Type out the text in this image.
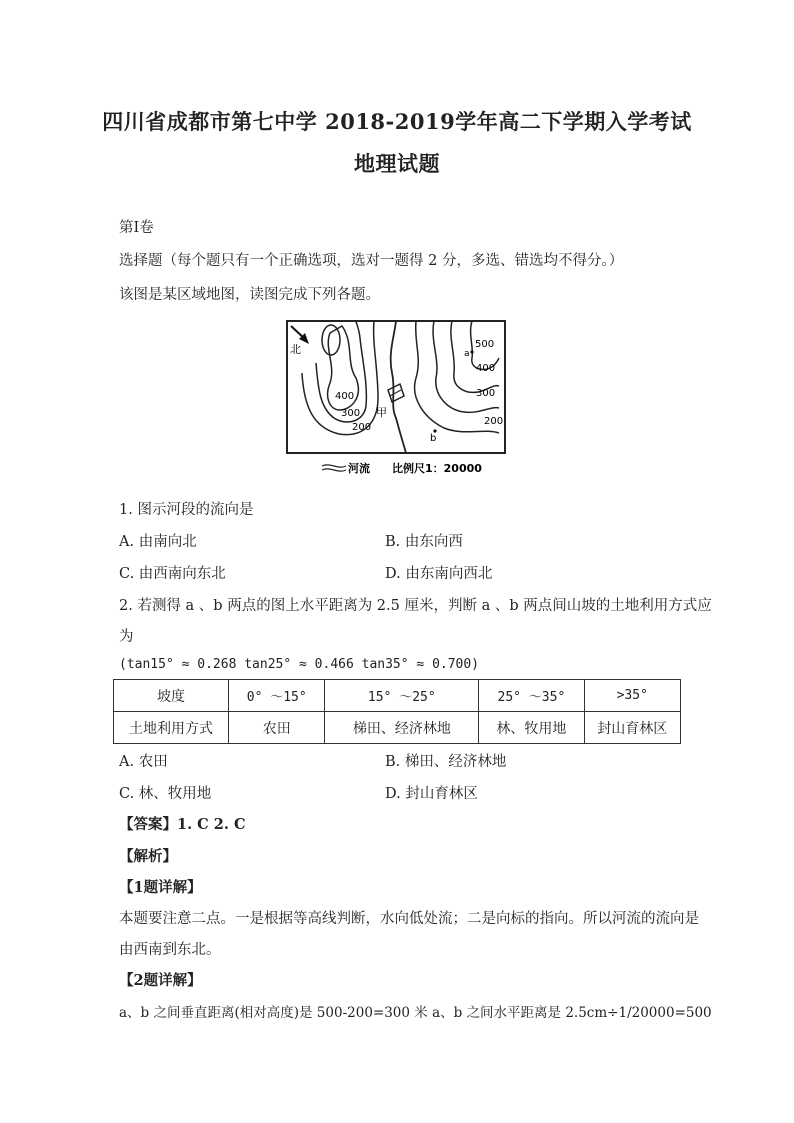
四川省成都市第七中学 2018-2019学年高二下学期入学考试
地理试题
第I卷
选择题（每个题只有一个正确选项，选对一题得 2 分，多选、错选均不得分。）
该图是某区域地图，读图完成下列各题。
北
甲
500
400
300
200
400
300
200
a
b
河流 比例尺1：20000
1. 图示河段的流向是
A. 由南向北	B. 由东向西
C. 由西南向东北	D. 由东南向西北
2. 若测得 a 、b 两点的图上水平距离为 2.5 厘米，判断 a 、b 两点间山坡的土地利用方式应
为
(tan15° ≈ 0.268 tan25° ≈ 0.466 tan35° ≈ 0.700)
坡度	0° ～15°	15° ～25°	25° ～35°	>35°
土地利用方式	农田	梯田、经济林地	林、牧用地	封山育林区
A. 农田	B. 梯田、经济林地
C. 林、牧用地	D. 封山育林区
【答案】1. C 2. C
【解析】
【1题详解】
本题要注意二点。一是根据等高线判断，水向低处流；二是向标的指向。所以河流的流向是
由西南到东北。
【2题详解】
a、b 之间垂直距离(相对高度)是 500-200=300 米 a、b 之间水平距离是 2.5cm÷1/20000=500
